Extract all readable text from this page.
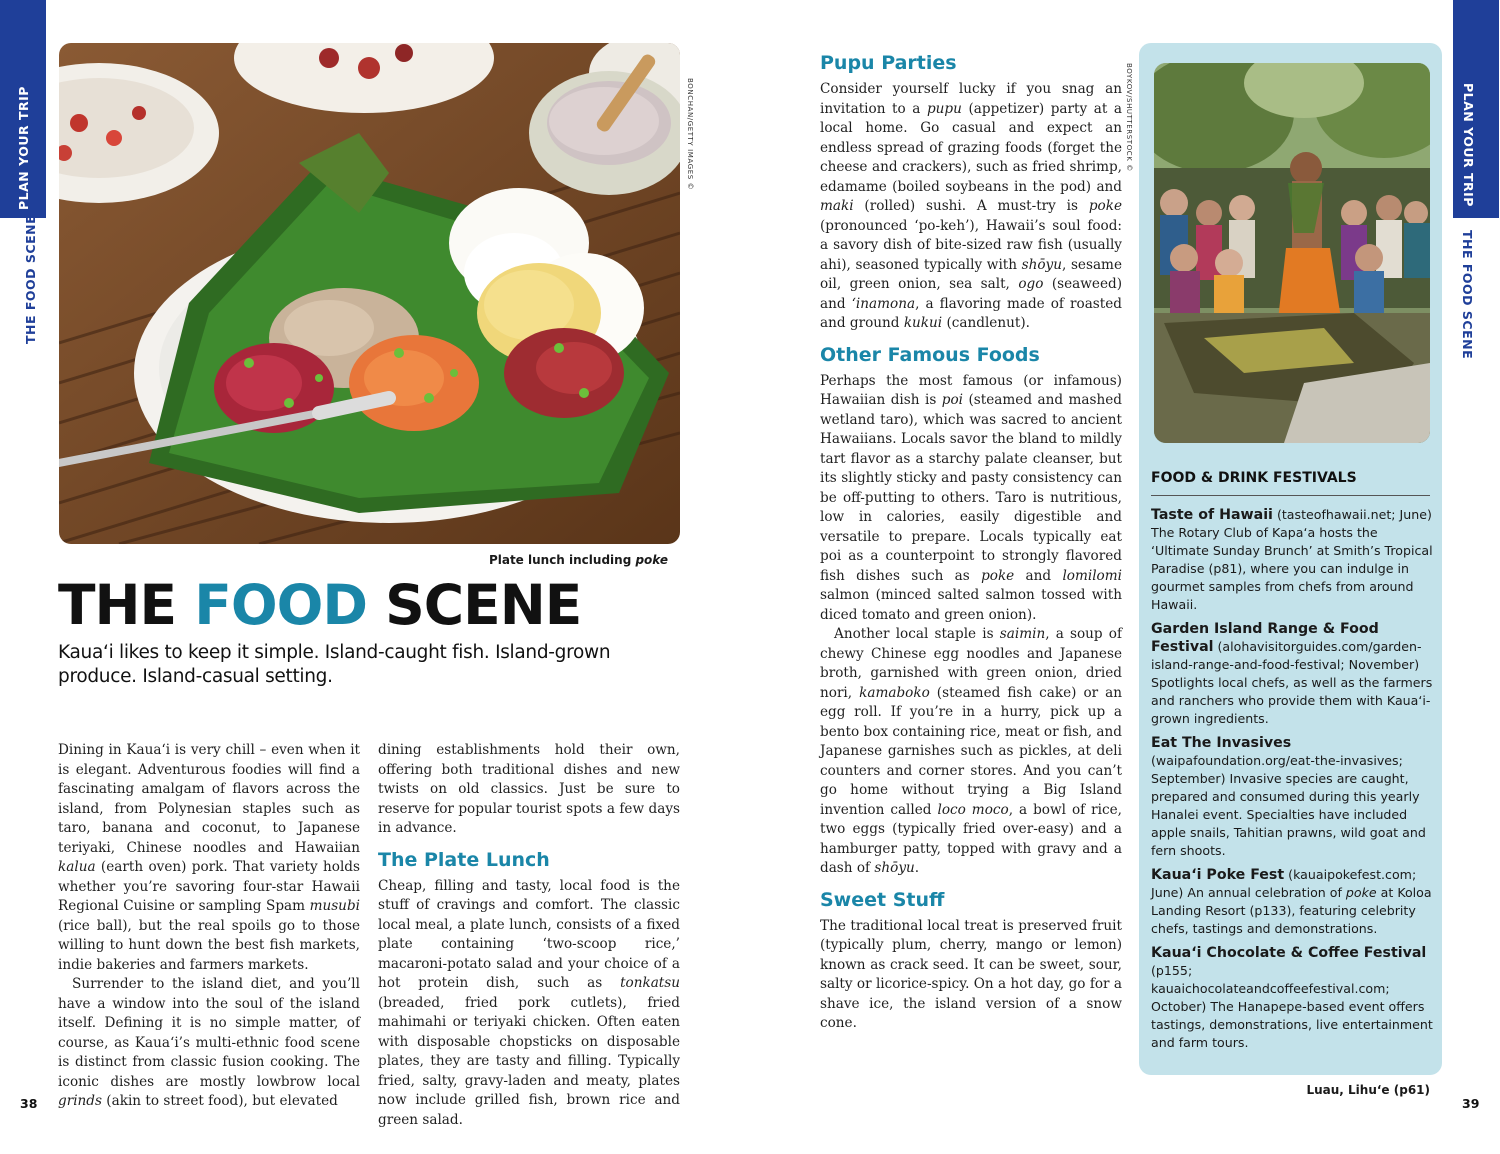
PLAN YOUR TRIP
THE FOOD SCENE
PLAN YOUR TRIP
THE FOOD SCENE
BONCHAN/GETTY IMAGES ©
Plate lunch including poke
THE FOOD SCENE
Kaua‘i likes to keep it simple. Island-caught fish. Island-grown produce. Island-casual setting.

Dining in Kaua‘i is very chill – even when it is elegant. Adventurous foodies will find a fascinating amalgam of flavors across the island, from Polynesian staples such as taro, banana and coconut, to Japanese teriyaki, Chinese noodles and Hawaiian kalua (earth oven) pork. That variety holds whether you’re savoring four-star Hawaii Regional Cuisine or sampling Spam musubi (rice ball), but the real spoils go to those willing to hunt down the best fish markets, indie bakeries and farmers markets.

Surrender to the island diet, and you’ll have a window into the soul of the island itself. Defining it is no simple matter, of course, as Kaua‘i’s multi-ethnic food scene is distinct from classic fusion cooking. The iconic dishes are mostly lowbrow local grinds (akin to street food), but elevated

dining establishments hold their own, offering both traditional dishes and new twists on old classics. Just be sure to reserve for popular tourist spots a few days in advance.

The Plate Lunch

Cheap, filling and tasty, local food is the stuff of cravings and comfort. The classic local meal, a plate lunch, consists of a fixed plate containing ‘two-scoop rice,’ macaroni-potato salad and your choice of a hot protein dish, such as tonkatsu (breaded, fried pork cutlets), fried mahimahi or teriyaki chicken. Often eaten with disposable chopsticks on disposable plates, they are tasty and filling. Typically fried, salty, gravy-laden and meaty, plates now include grilled fish, brown rice and green salad.

Pupu Parties

Consider yourself lucky if you snag an invitation to a pupu (appetizer) party at a local home. Go casual and expect an endless spread of grazing foods (forget the cheese and crackers), such as fried shrimp, edamame (boiled soybeans in the pod) and maki (rolled) sushi. A must-try is poke (pronounced ‘po-keh’), Hawaii’s soul food: a savory dish of bite-sized raw fish (usually ahi), seasoned typically with shōyu, sesame oil, green onion, sea salt, ogo (seaweed) and ‘inamona, a flavoring made of roasted and ground kukui (candlenut).

Other Famous Foods

Perhaps the most famous (or infamous) Hawaiian dish is poi (steamed and mashed wetland taro), which was sacred to ancient Hawaiians. Locals savor the bland to mildly tart flavor as a starchy palate cleanser, but its slightly sticky and pasty consistency can be off-putting to others. Taro is nutritious, low in calories, easily digestible and versatile to prepare. Locals typically eat poi as a counterpoint to strongly flavored fish dishes such as poke and lomilomi salmon (minced salted salmon tossed with diced tomato and green onion).

Another local staple is saimin, a soup of chewy Chinese egg noodles and Japanese broth, garnished with green onion, dried nori, kamaboko (steamed fish cake) or an egg roll. If you’re in a hurry, pick up a bento box containing rice, meat or fish, and Japanese garnishes such as pickles, at deli counters and corner stores. And you can’t go home without trying a Big Island invention called loco moco, a bowl of rice, two eggs (typically fried over-easy) and a hamburger patty, topped with gravy and a dash of shōyu.

Sweet Stuff

The traditional local treat is preserved fruit (typically plum, cherry, mango or lemon) known as crack seed. It can be sweet, sour, salty or licorice-spicy. On a hot day, go for a shave ice, the island version of a snow cone.

BOYKOV/SHUTTERSTOCK ©
FOOD & DRINK FESTIVALS
Taste of Hawaii (tasteofhawaii.net; June) The Rotary Club of Kapa‘a hosts the ‘Ultimate Sunday Brunch’ at Smith’s Tropical Paradise (p81), where you can indulge in gourmet samples from chefs from around Hawaii.
Garden Island Range & Food Festival (alohavisitorguides.com/garden-island-range-and-food-festival; November) Spotlights local chefs, as well as the farmers and ranchers who provide them with Kaua‘i-grown ingredients.
Eat The Invasives (waipafoundation.org/eat-the-invasives; September) Invasive species are caught, prepared and consumed during this yearly Hanalei event. Specialties have included apple snails, Tahitian prawns, wild goat and fern shoots.
Kaua‘i Poke Fest (kauaipokefest.com; June) An annual celebration of poke at Koloa Landing Resort (p133), featuring celebrity chefs, tastings and demonstrations.
Kaua‘i Chocolate & Coffee Festival (p155; kauaichocolateandcoffeefestival.com; October) The Hanapepe-based event offers tastings, demonstrations, live entertainment and farm tours.
Luau, Lihu‘e (p61)
38	39
